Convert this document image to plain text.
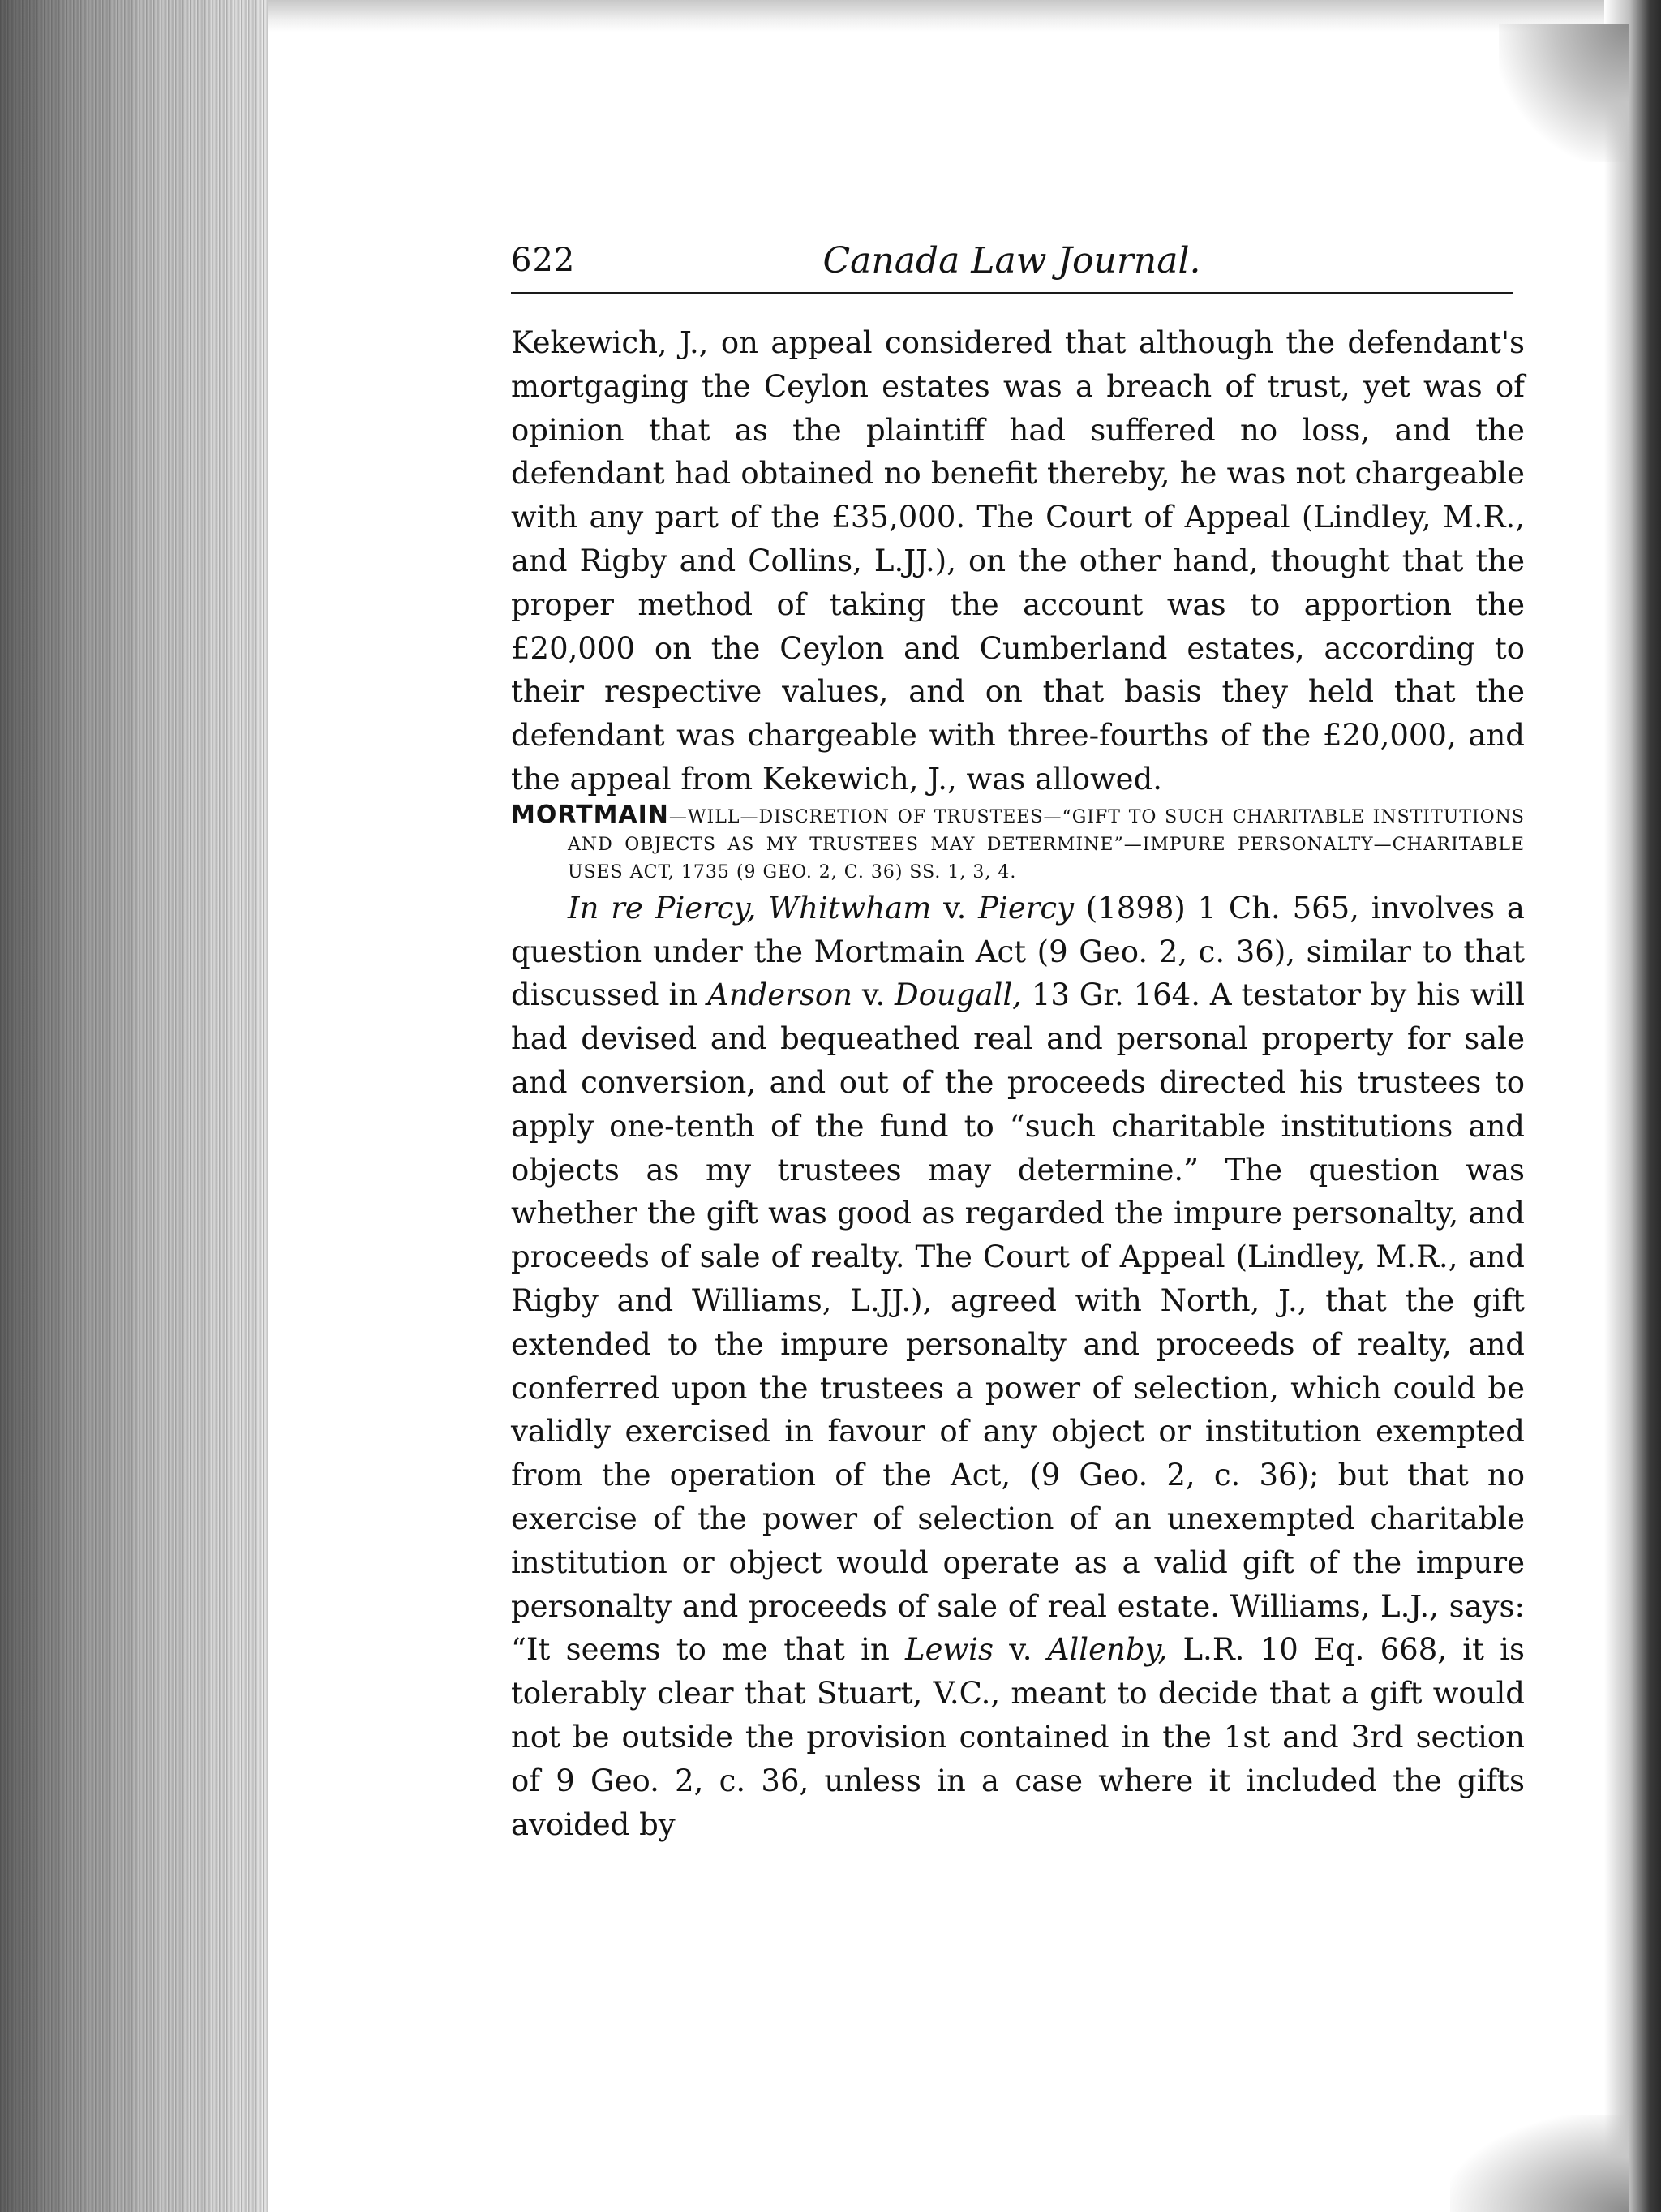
622	Canada Law Journal.

Kekewich, J., on appeal considered that although the defendant's mortgaging the Ceylon estates was a breach of trust, yet was of opinion that as the plaintiff had suffered no loss, and the defendant had obtained no benefit thereby, he was not chargeable with any part of the £35,000. The Court of Appeal (Lindley, M.R., and Rigby and Collins, L.JJ.), on the other hand, thought that the proper method of taking the account was to apportion the £20,000 on the Ceylon and Cumberland estates, according to their respective values, and on that basis they held that the defendant was chargeable with three-fourths of the £20,000, and the appeal from Kekewich, J., was allowed.

MORTMAIN—WILL—DISCRETION OF TRUSTEES—“GIFT TO SUCH CHARITABLE INSTITUTIONS AND OBJECTS AS MY TRUSTEES MAY DETERMINE”—IMPURE PERSONALTY—CHARITABLE USES ACT, 1735 (9 GEO. 2, C. 36) SS. 1, 3, 4.

In re Piercy, Whitwham v. Piercy (1898) 1 Ch. 565, involves a question under the Mortmain Act (9 Geo. 2, c. 36), similar to that discussed in Anderson v. Dougall, 13 Gr. 164. A testator by his will had devised and bequeathed real and personal property for sale and conversion, and out of the proceeds directed his trustees to apply one-tenth of the fund to “such charitable institutions and objects as my trustees may determine.” The question was whether the gift was good as regarded the impure personalty, and proceeds of sale of realty. The Court of Appeal (Lindley, M.R., and Rigby and Williams, L.JJ.), agreed with North, J., that the gift extended to the impure personalty and proceeds of realty, and conferred upon the trustees a power of selection, which could be validly exercised in favour of any object or institution exempted from the operation of the Act, (9 Geo. 2, c. 36); but that no exercise of the power of selection of an unexempted charitable institution or object would operate as a valid gift of the impure personalty and proceeds of sale of real estate. Williams, L.J., says: “It seems to me that in Lewis v. Allenby, L.R. 10 Eq. 668, it is tolerably clear that Stuart, V.C., meant to decide that a gift would not be outside the provision contained in the 1st and 3rd section of 9 Geo. 2, c. 36, unless in a case where it included the gifts avoided by
